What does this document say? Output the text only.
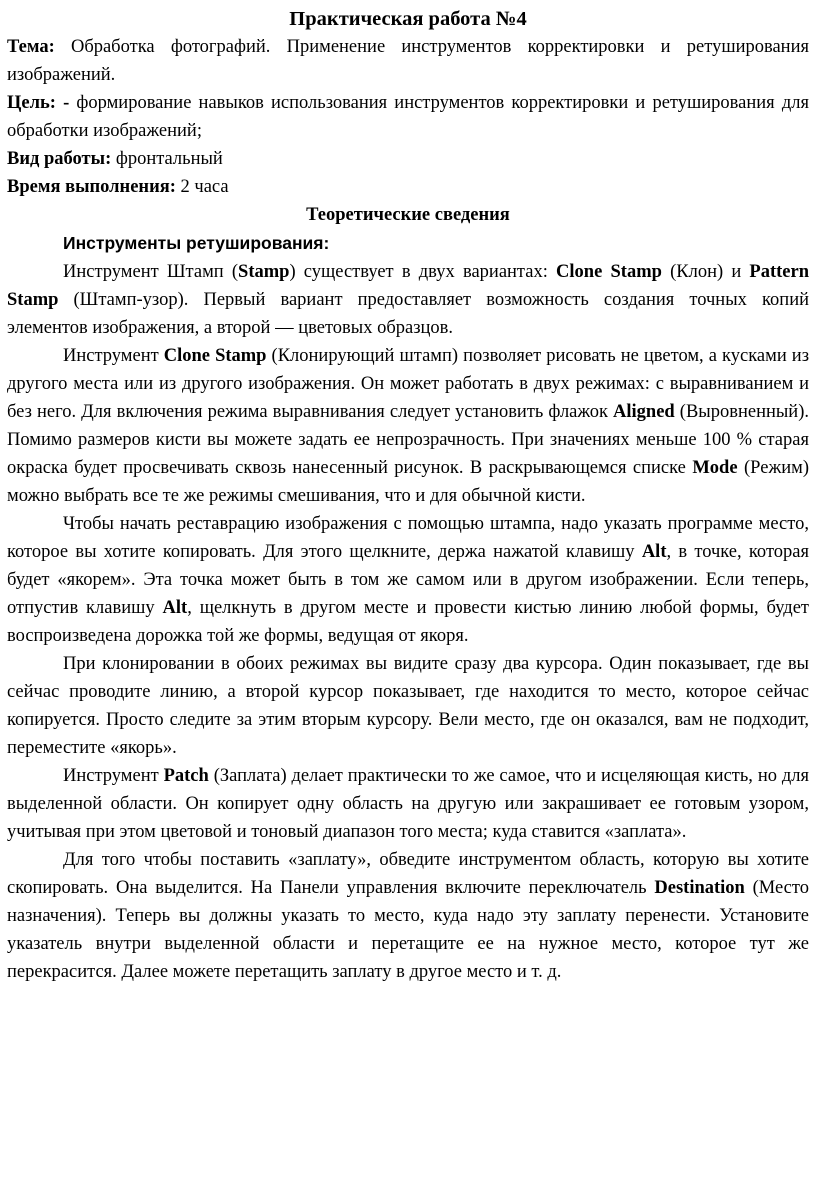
Практическая работа №4

Тема: Обработка фотографий. Применение инструментов корректировки и ретуширования изображений.

Цель: - формирование навыков использования инструментов корректировки и ретуширования для обработки изображений;

Вид работы: фронтальный

Время выполнения: 2 часа

Теоретические сведения

Инструменты ретуширования:

Инструмент Штамп (Stamp) существует в двух вариантах: Clone Stamp (Клон) и Pattern Stamp (Штамп-узор). Первый вариант предоставляет возможность создания точных копий элементов изображения, а второй — цветовых образцов.

Инструмент Clone Stamp (Клонирующий штамп) позволяет рисовать не цветом, а кусками из другого места или из другого изображения. Он может работать в двух режимах: с выравниванием и без него. Для включения режима выравнивания следует установить флажок Aligned (Выровненный). Помимо размеров кисти вы можете задать ее непрозрачность. При значениях меньше 100 % старая окраска будет просвечивать сквозь нанесенный рисунок. В раскрывающемся списке Mode (Режим) можно выбрать все те же режимы смешивания, что и для обычной кисти.

Чтобы начать реставрацию изображения с помощью штампа, надо указать программе место, которое вы хотите копировать. Для этого щелкните, держа нажатой клавишу Alt, в точке, которая будет «якорем». Эта точка может быть в том же самом или в другом изображении. Если теперь, отпустив клавишу Alt, щелкнуть в другом месте и провести кистью линию любой формы, будет воспроизведена дорожка той же формы, ведущая от якоря.

При клонировании в обоих режимах вы видите сразу два курсора. Один показывает, где вы сейчас проводите линию, а второй курсор показывает, где находится то место, которое сейчас копируется. Просто следите за этим вторым курсору. Вели место, где он оказался, вам не подходит, переместите «якорь».

Инструмент Patch (Заплата) делает практически то же самое, что и исцеляющая кисть, но для выделенной области. Он копирует одну область на другую или закрашивает ее готовым узором, учитывая при этом цветовой и тоновый диапазон того места; куда ставится «заплата».

Для того чтобы поставить «заплату», обведите инструментом область, которую вы хотите скопировать. Она выделится. На Панели управления включите переключатель Destination (Место назначения). Теперь вы должны указать то место, куда надо эту заплату перенести. Установите указатель внутри выделенной области и перетащите ее на нужное место, которое тут же перекрасится. Далее можете перетащить заплату в другое место и т. д.
